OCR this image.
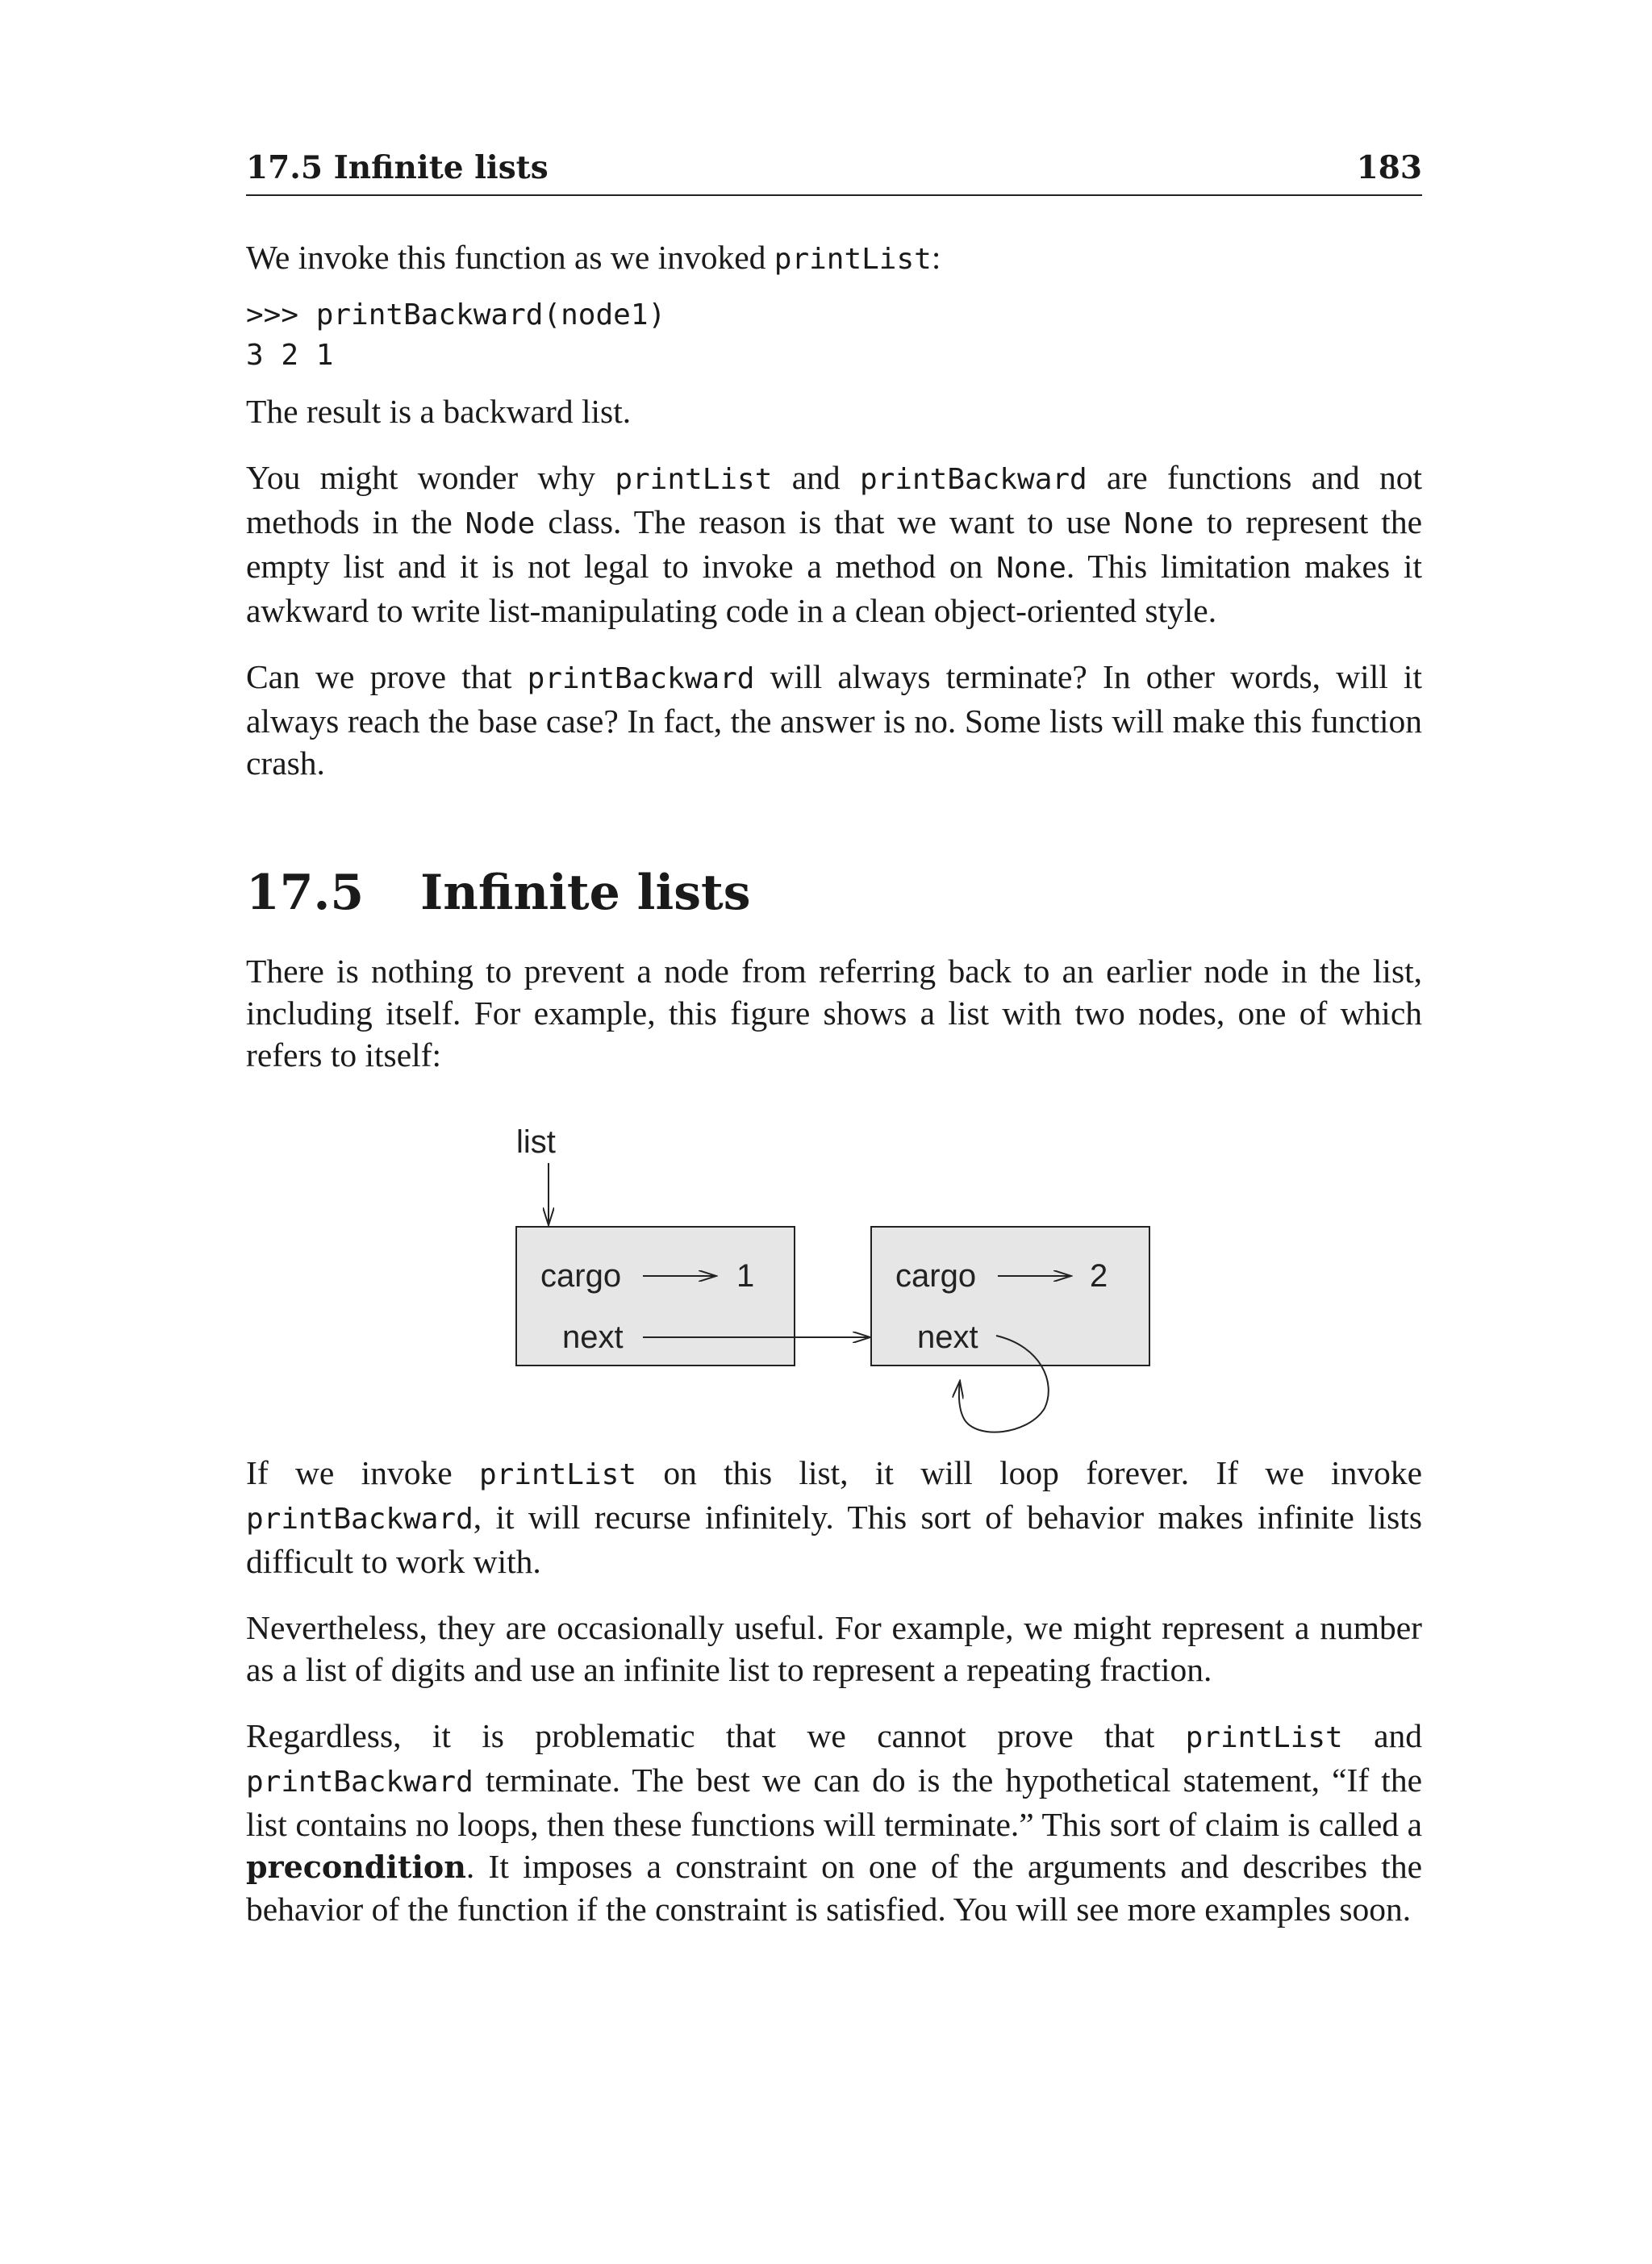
17.5 Infinite lists	183

We invoke this function as we invoked printList:

>>> printBackward(node1)
3 2 1

The result is a backward list.

You might wonder why printList and printBackward are functions and not methods in the Node class. The reason is that we want to use None to represent the empty list and it is not legal to invoke a method on None. This limitation makes it awkward to write list-manipulating code in a clean object-oriented style.

Can we prove that printBackward will always terminate? In other words, will it always reach the base case? In fact, the answer is no. Some lists will make this function crash.

17.5 Infinite lists

There is nothing to prevent a node from referring back to an earlier node in the list, including itself. For example, this figure shows a list with two nodes, one of which refers to itself:

list
cargo	1
next
cargo	2
next

If we invoke printList on this list, it will loop forever. If we invoke printBackward, it will recurse infinitely. This sort of behavior makes infinite lists difficult to work with.

Nevertheless, they are occasionally useful. For example, we might represent a number as a list of digits and use an infinite list to represent a repeating fraction.

Regardless, it is problematic that we cannot prove that printList and printBackward terminate. The best we can do is the hypothetical statement, “If the list contains no loops, then these functions will terminate.” This sort of claim is called a precondition. It imposes a constraint on one of the arguments and describes the behavior of the function if the constraint is satisfied. You will see more examples soon.
